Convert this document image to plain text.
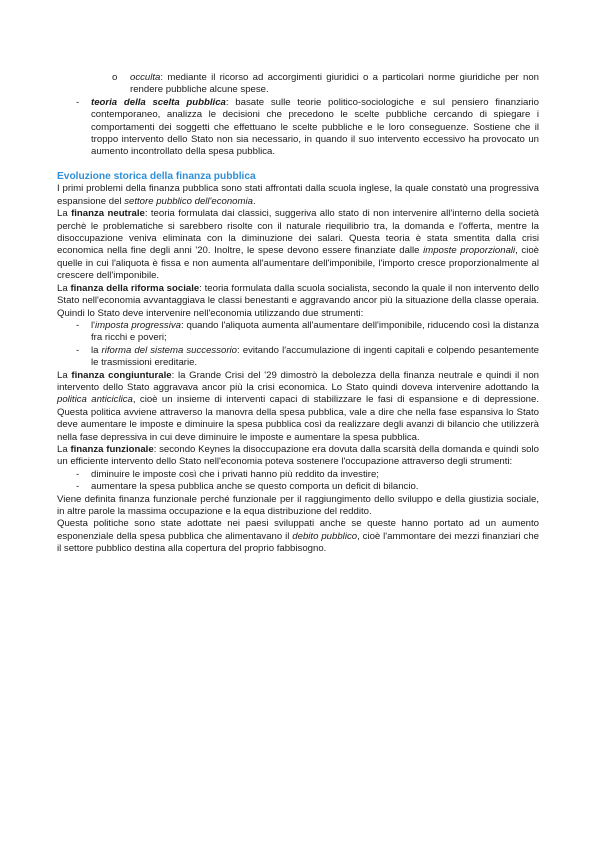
o occulta: mediante il ricorso ad accorgimenti giuridici o a particolari norme giuridiche per non rendere pubbliche alcune spese.

- teoria della scelta pubblica: basate sulle teorie politico-sociologiche e sul pensiero finanziario contemporaneo, analizza le decisioni che precedono le scelte pubbliche cercando di spiegare i comportamenti dei soggetti che effettuano le scelte pubbliche e le loro conseguenze. Sostiene che il troppo intervento dello Stato non sia necessario, in quando il suo intervento eccessivo ha provocato un aumento incontrollato della spesa pubblica.

Evoluzione storica della finanza pubblica

I primi problemi della finanza pubblica sono stati affrontati dalla scuola inglese, la quale constatò una progressiva espansione del settore pubblico dell'economia.

La finanza neutrale: teoria formulata dai classici, suggeriva allo stato di non intervenire all'interno della società perchè le problematiche si sarebbero risolte con il naturale riequilibrio tra, la domanda e l'offerta, mentre la disoccupazione veniva eliminata con la diminuzione dei salari. Questa teoria è stata smentita dalla crisi economica nella fine degli anni '20. Inoltre, le spese devono essere finanziate dalle imposte proporzionali, cioè quelle in cui l'aliquota è fissa e non aumenta all'aumentare dell'imponibile, l'importo cresce proporzionalmente al crescere dell'imponibile.

La finanza della riforma sociale: teoria formulata dalla scuola socialista, secondo la quale il non intervento dello Stato nell'economia avvantaggiava le classi benestanti e aggravando ancor più la situazione della classe operaia. Quindi lo Stato deve intervenire nell'economia utilizzando due strumenti:

- l'imposta progressiva: quando l'aliquota aumenta all'aumentare dell'imponibile, riducendo così la distanza fra ricchi e poveri;

- la riforma del sistema successorio: evitando l'accumulazione di ingenti capitali e colpendo pesantemente le trasmissioni ereditarie.

La finanza congiunturale: la Grande Crisi del '29 dimostrò la debolezza della finanza neutrale e quindi il non intervento dello Stato aggravava ancor più la crisi economica. Lo Stato quindi doveva intervenire adottando la politica anticiclica, cioè un insieme di interventi capaci di stabilizzare le fasi di espansione e di depressione. Questa politica avviene attraverso la manovra della spesa pubblica, vale a dire che nella fase espansiva lo Stato deve aumentare le imposte e diminuire la spesa pubblica così da realizzare degli avanzi di bilancio che utilizzerà nella fase depressiva in cui deve diminuire le imposte e aumentare la spesa pubblica.

La finanza funzionale: secondo Keynes la disoccupazione era dovuta dalla scarsità della domanda e quindi solo un efficiente intervento dello Stato nell'economia poteva sostenere l'occupazione attraverso degli strumenti:

- diminuire le imposte così che i privati hanno più reddito da investire;

- aumentare la spesa pubblica anche se questo comporta un deficit di bilancio.

Viene definita finanza funzionale perché funzionale per il raggiungimento dello sviluppo e della giustizia sociale, in altre parole la massima occupazione e la equa distribuzione del reddito.

Questa politiche sono state adottate nei paesi sviluppati anche se queste hanno portato ad un aumento esponenziale della spesa pubblica che alimentavano il debito pubblico, cioè l'ammontare dei mezzi finanziari che il settore pubblico destina alla copertura del proprio fabbisogno.
